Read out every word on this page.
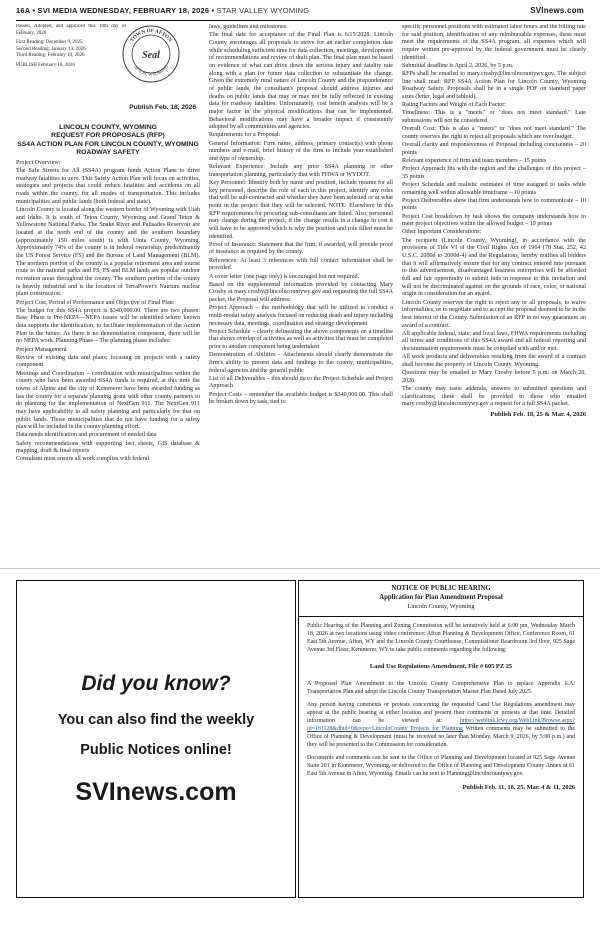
16A • SVI MEDIA WEDNESDAY, FEBRUARY 18, 2026 • STAR VALLEY WYOMING	SVInews.com

Passed, Adopted, and approved this 10th day of February, 2026

First Reading: December 9, 2025

Second Reading: January 13, 2026

Third Reading: February 10, 2026

PUBLISH February 18, 2026

TOWN OF AFTON
Seal
AFTON, WYOMING
Publish Feb. 18, 2026
LINCOLN COUNTY, WYOMING
REQUEST FOR PROPOSALS (RFP)
SS4A ACTION PLAN FOR LINCOLN COUNTY, WYOMING ROADWAY SAFETY

Project Overview:

The Safe Streets for All (SS4A) program funds Action Plans to drive roadway fatalities to zero. This Safety Action Plan will focus on activities, strategies and projects that could reduce fatalities and accidents on all roads within the county, for all modes of transportation. This includes municipalities and public lands (both federal and state).

Lincoln County is located along the western border of Wyoming with Utah and Idaho. It is south of Teton County, Wyoming and Grand Teton & Yellowstone National Parks. The Snake River and Palisades Reservoir are located at the north end of the county and the southern boundary (approximately 150 miles south) is with Uinta County, Wyoming. Approximately 74% of the county is in federal ownership, predominantly the US Forest Service (FS) and the Bureau of Land Management (BLM). The northern portion of the county is a popular retirement area and tourist route to the national parks and FS, FS and BLM lands are popular outdoor recreation areas throughout the county. The southern portion of the county is heavily industrial and is the location of TerraPower's Natrium nuclear plant construction.

Project Cost, Period of Performance and Objective of Final Plan:

The budget for this SS4A project is $340,000.00. There are two phases: Base Phase is Pre-NEPA—NEPA issues will be identified where known data supports the identification, to facilitate implementation of the Action Plan in the future. As there is no demonstration component, there will be no NEPA work. Planning Phase—The planning phase includes:

Project Management

Review of existing data and plans; focusing on projects with a safety component

Meetings and Coordination – coordination with municipalities within the county who have been awarded SS4A funds is required, at this time the towns of Alpine and the city of Kemmerer have been awarded funding as has the county for a separate planning grant with other county partners to do planning for the implementation of NextGen 911. The NextGen 911 may have applicability to all safety planning and particularly for that on public lands. Those municipalities that do not have funding for a safety plan will be included in the county planning effort.

Data needs identification and procurement of needed data

Safety recommendations with supporting fact sheets, GIS database & mapping, draft & final reports

Consultant must ensure all work complies with federal

laws, guidelines and milestones.

The final date for acceptance of the Final Plan is 6/15/2028. Lincoln County encourages all proposals to strive for an earlier completion date while scheduling sufficient time for data collection, meetings, development of recommendations and review of draft plan. The final plan must be based on evidence of what can drive down the serious injury and fatality rate along with a plan for future data collection to substantiate the change. Given the extremely rural nature of Lincoln County and the preponderance of public lands, the consultant's proposal should address injuries and deaths on public lands that may or may not be fully reflected in existing data for roadway fatalities. Unfortunately, cost benefit analysis will be a major factor in the physical modifications that can be implemented. Behavioral modifications may have a broader impact if consistently adopted by all communities and agencies.

Requirements for a Proposal:

General Information: Firm name, address, primary contact(s) with phone numbers and e-mail, brief history of the firm to include year established and type of ownership.

Relevant Experience: Include any prior SS4A planning or other transportation planning, particularly that with FHWA or WYDOT.

Key Personnel: Identify both by name and position, include resume for all key personnel, describe the role of each in this project, identify any roles that will be sub-contracted and whether they have been selected or at what point in the project that they will be selected. NOTE: Elsewhere in this RFP requirements for procuring sub-consultants are listed. Also, personnel may change during the project, if the change results in a change in cost it will have to be approved which is why the position and role filled must be identified.

Proof of Insurance: Statement that the firm, if awarded, will provide proof of insurance as required by the county.

References: At least 3 references with full contact information shall be provided.

A cover letter (one page only) is encouraged but not required.

Based on the supplemental information provided by contacting Mary Crosby at mary.crosby@lincolncountywy.gov and requesting the full SS4A packet, the Proposal will address:

Project Approach – the methodology that will be utilized to conduct a multi-modal safety analysis focused on reducing death and injury including necessary data, meetings, coordination and strategy development

Project Schedule – clearly delineating the above components on a timeline that shows overlap of activities as well as activities that must be completed prior to another component being undertaken

Demonstration of Abilities – Attachments should clearly demonstrate the firm's ability to present data and findings to the county, municipalities, federal agencies and the general public

List of all Deliverables – this should tie to the Project Schedule and Project Approach

Project Costs – remember the available budget is $340,000.00. This shall be broken down by task, tied to

specific personnel positions with estimated labor hours and the billing rate for said position, identification of any reimbursable expenses, these must meet the requirements of the SS4A program, all expenses which will require written pre-approval by the federal government must be clearly identified.

Submittal deadline is April 2, 2026, by 5 p.m.

RFPs shall be emailed to mary.crosby@lincolncountywy.gov. The subject line shall read: RFP SS4A Action Plan for Lincoln County, Wyoming Roadway Safety. Proposals shall be in a single PDF on standard paper sizes (letter, legal and tabloid).

Rating Factors and Weight of Each Factor:

Timeliness: This is a "meets" or "does not meet standard." Late submissions will not be considered.

Overall Cost: This is also a "meets" or "does not meet standard." The county reserves the right to reject all proposals which are over budget.

Overall clarity and responsiveness of Proposal including conciseness – 20 points

Relevant experience of firm and team members – 15 points

Project Approach fits with the region and the challenges of this project – 35 points

Project Schedule and realistic estimates of time assigned to tasks while remaining well within allowable timeframe – 10 points

Project Deliverables show that firm understands how to communicate – 10 points

Project Cost breakdown by task shows the company understands how to meet project objectives within the allowed budget – 10 points

Other Important Considerations:

The recipient (Lincoln County, Wyoming), in accordance with the provisions of Title VI of the Civil Rights Act of 1964 (78 Stat. 252, 42 U.S.C. 2000d to 2000d-4) and the Regulations, hereby notifies all bidders that it will affirmatively ensure that for any contract entered into pursuant to this advertisement, disadvantaged business enterprises will be afforded full and fair opportunity to submit bids in response to this invitation and will not be discriminated against on the grounds of race, color, or national origin in consideration for an award.

Lincoln County reserves the right to reject any or all proposals, to waive informalities, or to negotiate and to accept the proposal deemed to be in the best interest of the County. Submission of an RFP in no way guarantees an award of a contract.

All applicable federal, state, and local laws, FHWA requirements including all terms and conditions of this SS4A award and all federal reporting and documentation requirements must be complied with and/or met.

All work products and deliverables resulting from the award of a contract shall become the property of Lincoln County, Wyoming.

Questions may be emailed to Mary Crosby before 5 p.m. on March 20, 2026.

The county may issue addenda, answers to submitted questions and clarifications; these shall be provided to those who emailed mary.crosby@lincolncountywy.gov a request for a full SS4A packet.

Publish Feb. 18, 25 & Mar. 4, 2026
Did you know?
You can also find the weekly
Public Notices online!
SVInews.com
NOTICE OF PUBLIC HEARING
Application for Plan Amendment Proposal
Lincoln County, Wyoming

Public Hearing of the Planning and Zoning Commission will be tentatively held at 6:00 pm, Wednesday March 18, 2026 at two locations using video conference: Afton Planning & Development Office, Conference Room, 61 East 5th Avenue, Afton, WY and the Lincoln County Courthouse, Commissioner Boardroom 3rd floor, 925 Sage Avenue 3rd Floor, Kemmerer, WY to take public comments regarding the following:

Land Use Regulations Amendment, File # 605 PZ 25

A Proposed Plan Amendment to the Lincoln County Comprehensive Plan to replace Appendix 6.A: Transportation Plan and adopt the Lincoln County Transportation Master Plan Dated July 2025.

Any person having comments or protests concerning the requested Land Use Regulations amendment may appear at the public hearing at either location and present their comments or protests at that time. Detailed information can be viewed at:	https://weblink.lcwy.org/WebLink/Browse.aspx?id=161128&dbid=0&repo=LincolnCounty Projects for Planning Written comments may be submitted to the Office of Planning & Development (must be received no later than Monday, March 9, 2026, by 5:00 p.m.) and they will be presented to the Commission for consideration.

Documents and comments can be sent to the Office of Planning and Development located at 925 Sage Avenue Suite 201 in Kemmerer, Wyoming, or delivered to the Office of Planning and Development County Annex at 61 East 5th Avenue in Afton, Wyoming. Emails can be sent to Planning@lincolncountywy.gov.

Publish Feb. 11, 18, 25, Mar. 4 & 11, 2026
